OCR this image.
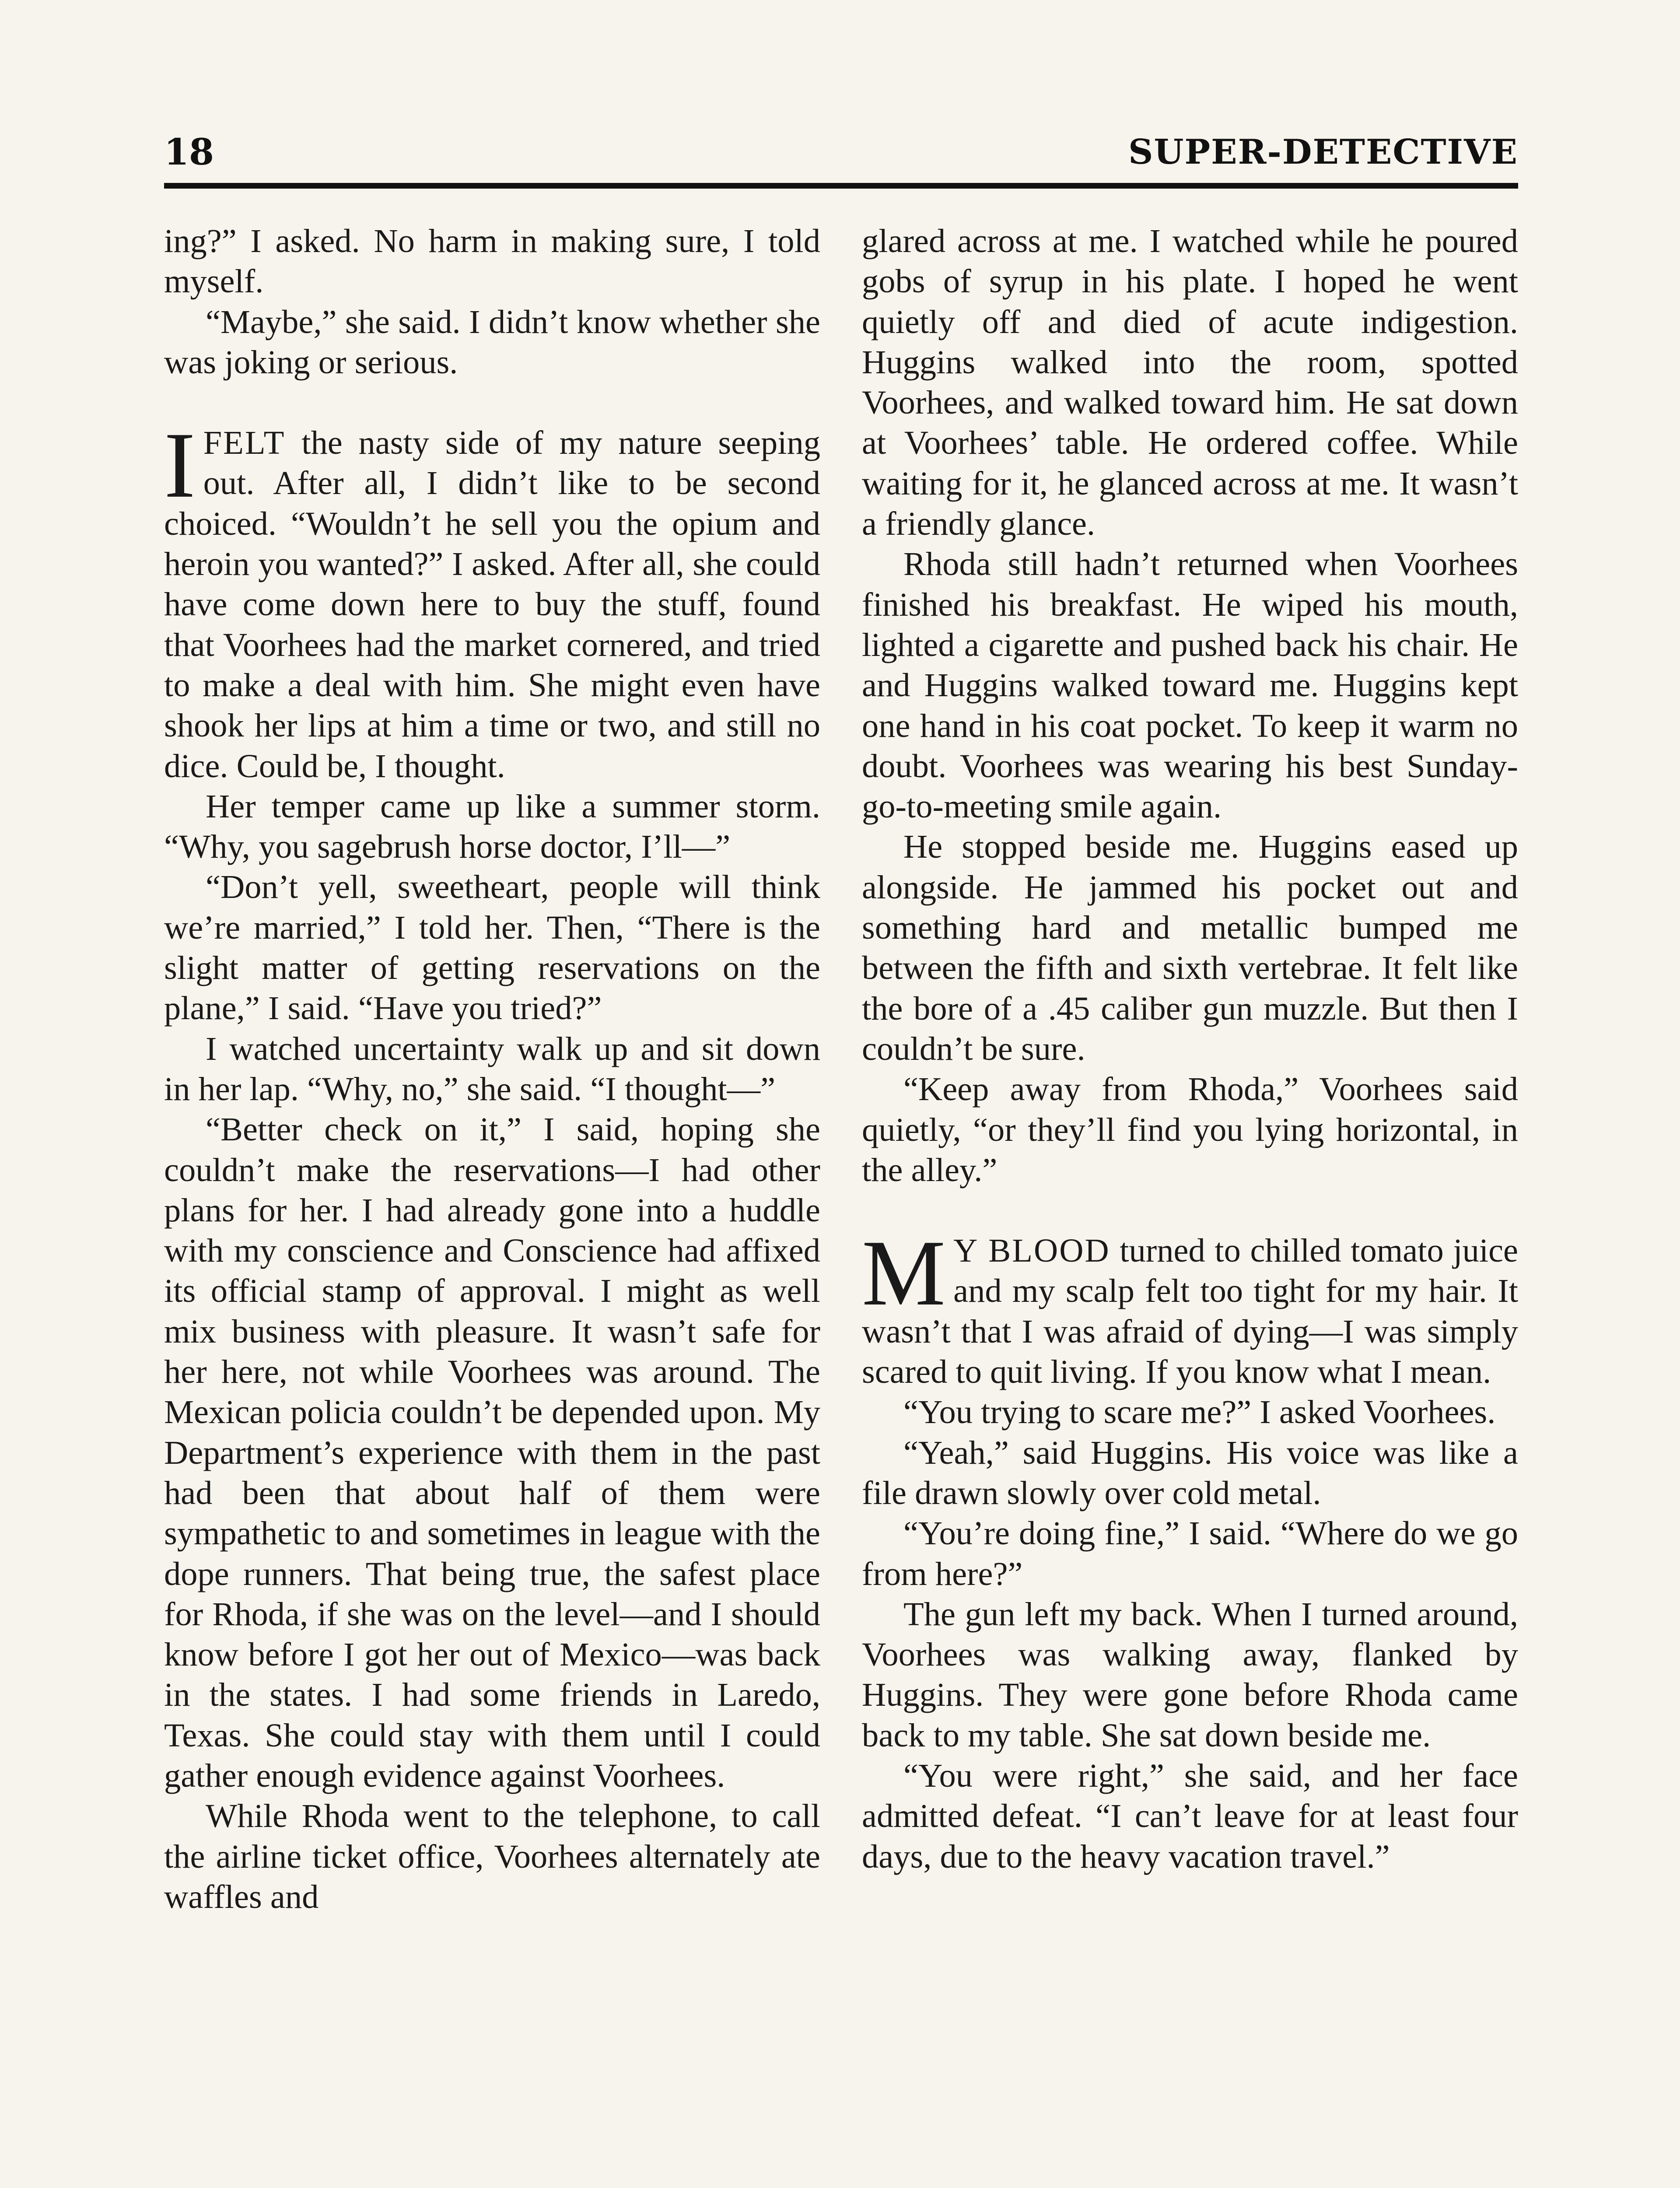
18	SUPER-DETECTIVE

ing?” I asked. No harm in making sure, I told myself.

“Maybe,” she said. I didn’t know whether she was joking or serious.

IFELT the nasty side of my nature seeping out. After all, I didn’t like to be second choiced. “Wouldn’t he sell you the opium and heroin you wanted?” I asked. After all, she could have come down here to buy the stuff, found that Voorhees had the market cornered, and tried to make a deal with him. She might even have shook her lips at him a time or two, and still no dice. Could be, I thought.

Her temper came up like a summer storm. “Why, you sagebrush horse doctor, I’ll—”

“Don’t yell, sweetheart, people will think we’re married,” I told her. Then, “There is the slight matter of getting reservations on the plane,” I said. “Have you tried?”

I watched uncertainty walk up and sit down in her lap. “Why, no,” she said. “I thought—”

“Better check on it,” I said, hoping she couldn’t make the reservations—I had other plans for her. I had already gone into a huddle with my conscience and Conscience had affixed its official stamp of approval. I might as well mix business with pleasure. It wasn’t safe for her here, not while Voorhees was around. The Mexican policia couldn’t be depended upon. My Department’s experience with them in the past had been that about half of them were sympathetic to and sometimes in league with the dope runners. That being true, the safest place for Rhoda, if she was on the level—and I should know before I got her out of Mexico—was back in the states. I had some friends in Laredo, Texas. She could stay with them until I could gather enough evidence against Voorhees.

While Rhoda went to the telephone, to call the airline ticket office, Voorhees alternately ate waffles and

glared across at me. I watched while he poured gobs of syrup in his plate. I hoped he went quietly off and died of acute indigestion. Huggins walked into the room, spotted Voorhees, and walked toward him. He sat down at Voorhees’ table. He ordered coffee. While waiting for it, he glanced across at me. It wasn’t a friendly glance.

Rhoda still hadn’t returned when Voorhees finished his breakfast. He wiped his mouth, lighted a cigarette and pushed back his chair. He and Huggins walked toward me. Huggins kept one hand in his coat pocket. To keep it warm no doubt. Voorhees was wearing his best Sunday-go-to-meeting smile again.

He stopped beside me. Huggins eased up alongside. He jammed his pocket out and something hard and metallic bumped me between the fifth and sixth vertebrae. It felt like the bore of a .45 caliber gun muzzle. But then I couldn’t be sure.

“Keep away from Rhoda,” Voorhees said quietly, “or they’ll find you lying horizontal, in the alley.”

M Y BLOOD turned to chilled tomato juice and my scalp felt too tight for my hair. It wasn’t that I was afraid of dying—I was simply scared to quit living. If you know what I mean.

“You trying to scare me?” I asked Voorhees.

“Yeah,” said Huggins. His voice was like a file drawn slowly over cold metal.

“You’re doing fine,” I said. “Where do we go from here?”

The gun left my back. When I turned around, Voorhees was walking away, flanked by Huggins. They were gone before Rhoda came back to my table. She sat down beside me.

“You were right,” she said, and her face admitted defeat. “I can’t leave for at least four days, due to the heavy vacation travel.”
